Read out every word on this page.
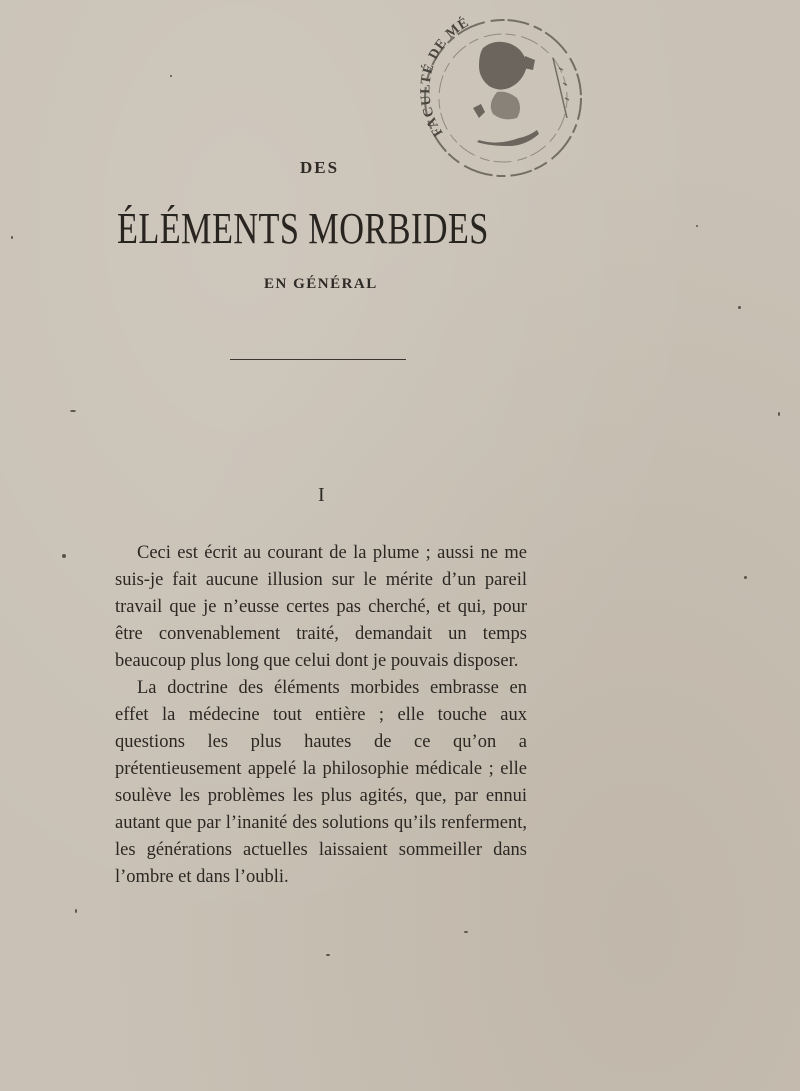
FACULTÉ DE MÉ
DES
ÉLÉMENTS MORBIDES
EN GÉNÉRAL
I

Ceci est écrit au courant de la plume ; aussi ne me suis-je fait aucune illusion sur le mérite d’un pareil travail que je n’eusse certes pas cherché, et qui, pour être convenablement traité, demandait un temps beaucoup plus long que celui dont je pouvais disposer.

La doctrine des éléments morbides embrasse en effet la médecine tout entière ; elle touche aux questions les plus hautes de ce qu’on a prétentieusement appelé la philosophie médicale ; elle soulève les problèmes les plus agités, que, par ennui autant que par l’inanité des solutions qu’ils renferment, les générations actuelles laissaient sommeiller dans l’ombre et dans l’oubli.
